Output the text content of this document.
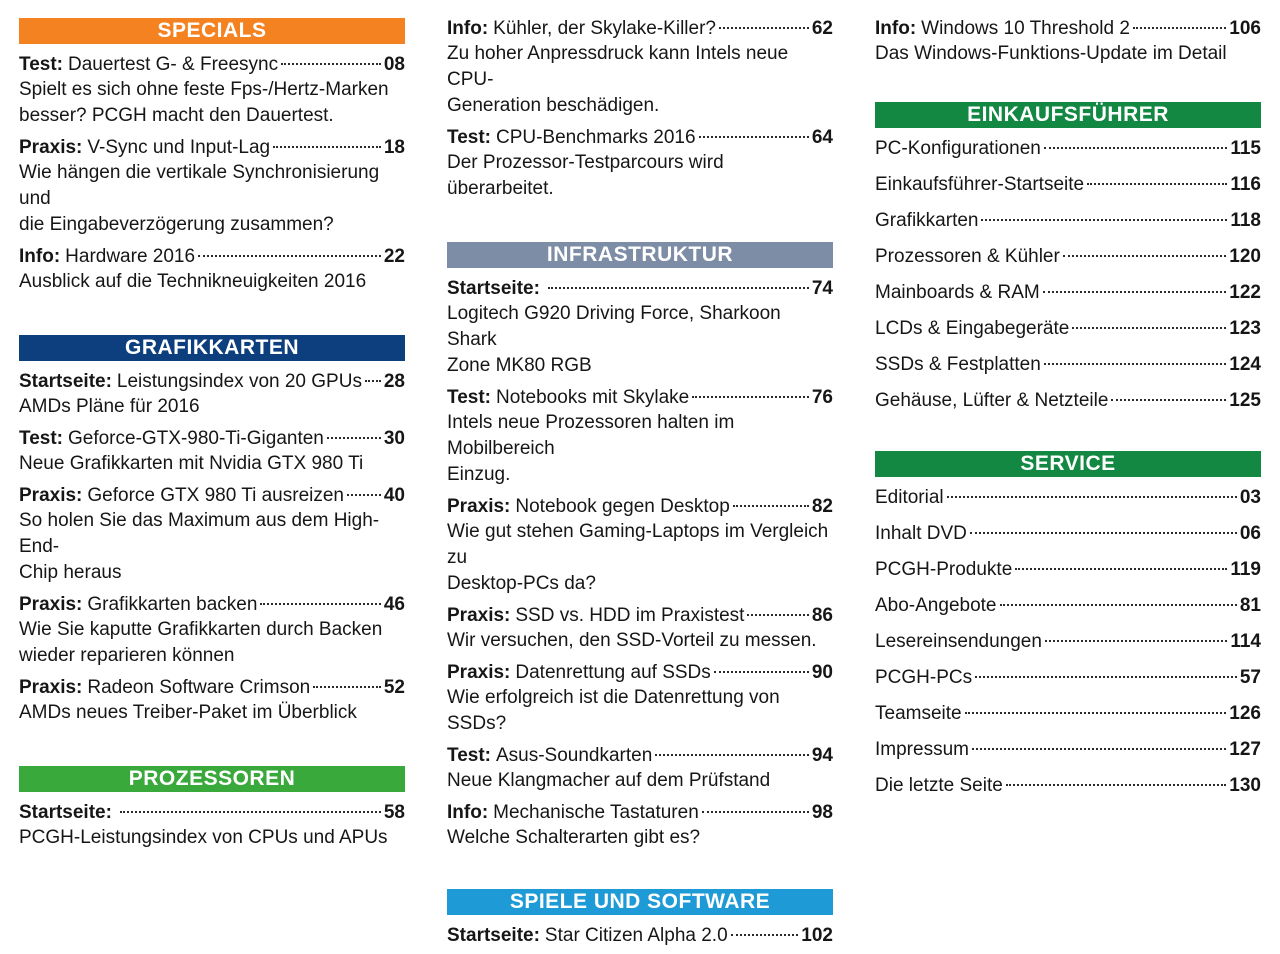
SPECIALS
Test: Dauertest G- & Freesync	08
Spielt es sich ohne feste Fps-/Hertz-Marken
besser? PCGH macht den Dauertest.
Praxis: V-Sync und Input-Lag	18
Wie hängen die vertikale Synchronisierung und
die Eingabeverzögerung zusammen?
Info: Hardware 2016	22
Ausblick auf die Technikneuigkeiten 2016
GRAFIKKARTEN
Startseite: Leistungsindex von 20 GPUs 28
AMDs Pläne für 2016
Test: Geforce-GTX-980-Ti-Giganten	30
Neue Grafikkarten mit Nvidia GTX 980 Ti
Praxis: Geforce GTX 980 Ti ausreizen 40
So holen Sie das Maximum aus dem High-End-
Chip heraus
Praxis: Grafikkarten backen	46
Wie Sie kaputte Grafikkarten durch Backen
wieder reparieren können
Praxis: Radeon Software Crimson	52
AMDs neues Treiber-Paket im Überblick
PROZESSOREN
Startseite:	58
PCGH-Leistungsindex von CPUs und APUs
Info: Kühler, der Skylake-Killer?	62
Zu hoher Anpressdruck kann Intels neue CPU-
Generation beschädigen.
Test: CPU-Benchmarks 2016	64
Der Prozessor-Testparcours wird überarbeitet.
INFRASTRUKTUR
Startseite:	74
Logitech G920 Driving Force, Sharkoon Shark
Zone MK80 RGB
Test: Notebooks mit Skylake	76
Intels neue Prozessoren halten im Mobilbereich
Einzug.
Praxis: Notebook gegen Desktop	82
Wie gut stehen Gaming-Laptops im Vergleich zu
Desktop-PCs da?
Praxis: SSD vs. HDD im Praxistest	86
Wir versuchen, den SSD-Vorteil zu messen.
Praxis: Datenrettung auf SSDs	90
Wie erfolgreich ist die Datenrettung von SSDs?
Test: Asus-Soundkarten	94
Neue Klangmacher auf dem Prüfstand
Info: Mechanische Tastaturen	98
Welche Schalterarten gibt es?
SPIELE UND SOFTWARE
Startseite: Star Citizen Alpha 2.0	102
Info: Windows 10 Threshold 2	106
Das Windows-Funktions-Update im Detail
EINKAUFSFÜHRER
PC-Konfigurationen	115
Einkaufsführer-Startseite	116
Grafikkarten	118
Prozessoren & Kühler	120
Mainboards & RAM	122
LCDs & Eingabegeräte	123
SSDs & Festplatten	124
Gehäuse, Lüfter & Netzteile	125
SERVICE
Editorial	03
Inhalt DVD	06
PCGH-Produkte	119
Abo-Angebote	81
Lesereinsendungen	114
PCGH-PCs	57
Teamseite	126
Impressum	127
Die letzte Seite	130
